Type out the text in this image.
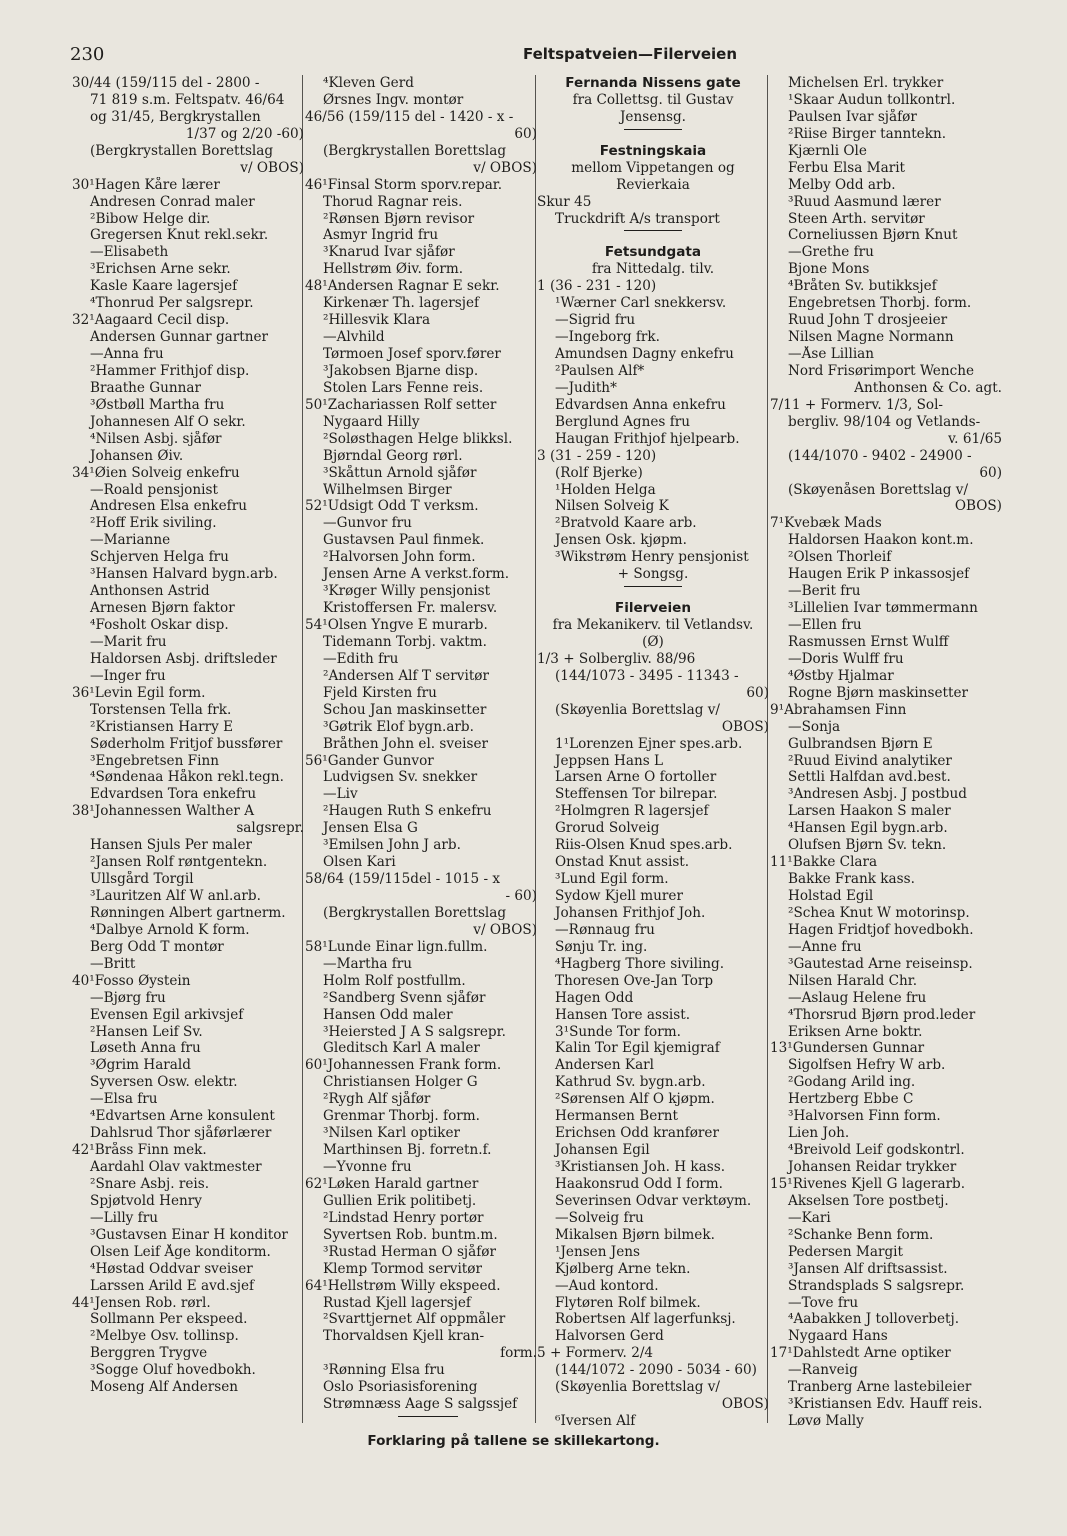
230	Feltspatveien—Filerveien
30/44 (159/115 del - 2800 -
71 819 s.m. Feltspatv. 46/64
og 31/45, Bergkrystallen
1/37 og 2/20 -60)
(Bergkrystallen Borettslag
v/ OBOS)
30¹Hagen Kåre lærer
Andresen Conrad maler
²Bibow Helge dir.
Gregersen Knut rekl.sekr.
—Elisabeth
³Erichsen Arne sekr.
Kasle Kaare lagersjef
⁴Thonrud Per salgsrepr.
32¹Aagaard Cecil disp.
Andersen Gunnar gartner
—Anna fru
²Hammer Frithjof disp.
Braathe Gunnar
³Østbøll Martha fru
Johannesen Alf O sekr.
⁴Nilsen Asbj. sjåfør
Johansen Øiv.
34¹Øien Solveig enkefru
—Roald pensjonist
Andresen Elsa enkefru
²Hoff Erik siviling.
—Marianne
Schjerven Helga fru
³Hansen Halvard bygn.arb.
Anthonsen Astrid
Arnesen Bjørn faktor
⁴Fosholt Oskar disp.
—Marit fru
Haldorsen Asbj. driftsleder
—Inger fru
36¹Levin Egil form.
Torstensen Tella frk.
²Kristiansen Harry E
Søderholm Fritjof bussfører
³Engebretsen Finn
⁴Søndenaa Håkon rekl.tegn.
Edvardsen Tora enkefru
38¹Johannessen Walther A
salgsrepr.
Hansen Sjuls Per maler
²Jansen Rolf røntgentekn.
Ullsgård Torgil
³Lauritzen Alf W anl.arb.
Rønningen Albert gartnerm.
⁴Dalbye Arnold K form.
Berg Odd T montør
—Britt
40¹Fosso Øystein
—Bjørg fru
Evensen Egil arkivsjef
²Hansen Leif Sv.
Løseth Anna fru
³Øgrim Harald
Syversen Osw. elektr.
—Elsa fru
⁴Edvartsen Arne konsulent
Dahlsrud Thor sjåførlærer
42¹Bråss Finn mek.
Aardahl Olav vaktmester
²Snare Asbj. reis.
Spjøtvold Henry
—Lilly fru
³Gustavsen Einar H konditor
Olsen Leif Åge konditorm.
⁴Høstad Oddvar sveiser
Larssen Arild E avd.sjef
44¹Jensen Rob. rørl.
Sollmann Per ekspeed.
²Melbye Osv. tollinsp.
Berggren Trygve
³Sogge Oluf hovedbokh.
Moseng Alf Andersen
⁴Kleven Gerd
Ørsnes Ingv. montør
46/56 (159/115 del - 1420 - x -
60)
(Bergkrystallen Borettslag
v/ OBOS)
46¹Finsal Storm sporv.repar.
Thorud Ragnar reis.
²Rønsen Bjørn revisor
Asmyr Ingrid fru
³Knarud Ivar sjåfør
Hellstrøm Øiv. form.
48¹Andersen Ragnar E sekr.
Kirkenær Th. lagersjef
²Hillesvik Klara
—Alvhild
Tørmoen Josef sporv.fører
³Jakobsen Bjarne disp.
Stolen Lars Fenne reis.
50¹Zachariassen Rolf setter
Nygaard Hilly
²Soløsthagen Helge blikksl.
Bjørndal Georg rørl.
³Skåttun Arnold sjåfør
Wilhelmsen Birger
52¹Udsigt Odd T verksm.
—Gunvor fru
Gustavsen Paul finmek.
²Halvorsen John form.
Jensen Arne A verkst.form.
³Krøger Willy pensjonist
Kristoffersen Fr. malersv.
54¹Olsen Yngve E murarb.
Tidemann Torbj. vaktm.
—Edith fru
²Andersen Alf T servitør
Fjeld Kirsten fru
Schou Jan maskinsetter
³Gøtrik Elof bygn.arb.
Bråthen John el. sveiser
56¹Gander Gunvor
Ludvigsen Sv. snekker
—Liv
²Haugen Ruth S enkefru
Jensen Elsa G
³Emilsen John J arb.
Olsen Kari
58/64 (159/115del - 1015 - x
- 60)
(Bergkrystallen Borettslag
v/ OBOS)
58¹Lunde Einar lign.fullm.
—Martha fru
Holm Rolf postfullm.
²Sandberg Svenn sjåfør
Hansen Odd maler
³Heiersted J A S salgsrepr.
Gleditsch Karl A maler
60¹Johannessen Frank form.
Christiansen Holger G
²Rygh Alf sjåfør
Grenmar Thorbj. form.
³Nilsen Karl optiker
Marthinsen Bj. forretn.f.
—Yvonne fru
62¹Løken Harald gartner
Gullien Erik politibetj.
²Lindstad Henry portør
Syvertsen Rob. buntm.m.
³Rustad Herman O sjåfør
Klemp Tormod servitør
64¹Hellstrøm Willy ekspeed.
Rustad Kjell lagersjef
²Svarttjernet Alf oppmåler
Thorvaldsen Kjell kran-
form.
³Rønning Elsa fru
Oslo Psoriasisforening
Strømnæss Aage S salgssjef
Fernanda Nissens gate
fra Collettsg. til Gustav
Jensensg.
Festningskaia
mellom Vippetangen og
Revierkaia
Skur 45
Truckdrift A/s transport
Fetsundgata
fra Nittedalg. tilv.
1 (36 - 231 - 120)
¹Wærner Carl snekkersv.
—Sigrid fru
—Ingeborg frk.
Amundsen Dagny enkefru
²Paulsen Alf*
—Judith*
Edvardsen Anna enkefru
Berglund Agnes fru
Haugan Frithjof hjelpearb.
3 (31 - 259 - 120)
(Rolf Bjerke)
¹Holden Helga
Nilsen Solveig K
²Bratvold Kaare arb.
Jensen Osk. kjøpm.
³Wikstrøm Henry pensjonist
+ Songsg.
Filerveien
fra Mekanikerv. til Vetlandsv.
(Ø)
1/3 + Solbergliv. 88/96
(144/1073 - 3495 - 11343 -
60)
(Skøyenlia Borettslag v/
OBOS)
1¹Lorenzen Ejner spes.arb.
Jeppsen Hans L
Larsen Arne O fortoller
Steffensen Tor bilrepar.
²Holmgren R lagersjef
Grorud Solveig
Riis-Olsen Knud spes.arb.
Onstad Knut assist.
³Lund Egil form.
Sydow Kjell murer
Johansen Frithjof Joh.
—Rønnaug fru
Sønju Tr. ing.
⁴Hagberg Thore siviling.
Thoresen Ove-Jan Torp
Hagen Odd
Hansen Tore assist.
3¹Sunde Tor form.
Kalin Tor Egil kjemigraf
Andersen Karl
Kathrud Sv. bygn.arb.
²Sørensen Alf O kjøpm.
Hermansen Bernt
Erichsen Odd kranfører
Johansen Egil
³Kristiansen Joh. H kass.
Haakonsrud Odd I form.
Severinsen Odvar verktøym.
—Solveig fru
Mikalsen Bjørn bilmek.
¹Jensen Jens
Kjølberg Arne tekn.
—Aud kontord.
Flytøren Rolf bilmek.
Robertsen Alf lagerfunksj.
Halvorsen Gerd
5 + Formerv. 2/4
(144/1072 - 2090 - 5034 - 60)
(Skøyenlia Borettslag v/
OBOS)
⁶Iversen Alf
Michelsen Erl. trykker
¹Skaar Audun tollkontrl.
Paulsen Ivar sjåfør
²Riise Birger tanntekn.
Kjærnli Ole
Ferbu Elsa Marit
Melby Odd arb.
³Ruud Aasmund lærer
Steen Arth. servitør
Corneliussen Bjørn Knut
—Grethe fru
Bjone Mons
⁴Bråten Sv. butikksjef
Engebretsen Thorbj. form.
Ruud John T drosjeeier
Nilsen Magne Normann
—Åse Lillian
Nord Frisørimport Wenche
Anthonsen & Co. agt.
7/11 + Formerv. 1/3, Sol-
bergliv. 98/104 og Vetlands-
v. 61/65
(144/1070 - 9402 - 24900 -
60)
(Skøyenåsen Borettslag v/
OBOS)
7¹Kvebæk Mads
Haldorsen Haakon kont.m.
²Olsen Thorleif
Haugen Erik P inkassosjef
—Berit fru
³Lillelien Ivar tømmermann
—Ellen fru
Rasmussen Ernst Wulff
—Doris Wulff fru
⁴Østby Hjalmar
Rogne Bjørn maskinsetter
9¹Abrahamsen Finn
—Sonja
Gulbrandsen Bjørn E
²Ruud Eivind analytiker
Settli Halfdan avd.best.
³Andresen Asbj. J postbud
Larsen Haakon S maler
⁴Hansen Egil bygn.arb.
Olufsen Bjørn Sv. tekn.
11¹Bakke Clara
Bakke Frank kass.
Holstad Egil
²Schea Knut W motorinsp.
Hagen Fridtjof hovedbokh.
—Anne fru
³Gautestad Arne reiseinsp.
Nilsen Harald Chr.
—Aslaug Helene fru
⁴Thorsrud Bjørn prod.leder
Eriksen Arne boktr.
13¹Gundersen Gunnar
Sigolfsen Hefry W arb.
²Godang Arild ing.
Hertzberg Ebbe C
³Halvorsen Finn form.
Lien Joh.
⁴Breivold Leif godskontrl.
Johansen Reidar trykker
15¹Rivenes Kjell G lagerarb.
Akselsen Tore postbetj.
—Kari
²Schanke Benn form.
Pedersen Margit
³Jansen Alf driftsassist.
Strandsplads S salgsrepr.
—Tove fru
⁴Aabakken J tolloverbetj.
Nygaard Hans
17¹Dahlstedt Arne optiker
—Ranveig
Tranberg Arne lastebileier
³Kristiansen Edv. Hauff reis.
Løvø Mally
Forklaring på tallene se skillekartong.
